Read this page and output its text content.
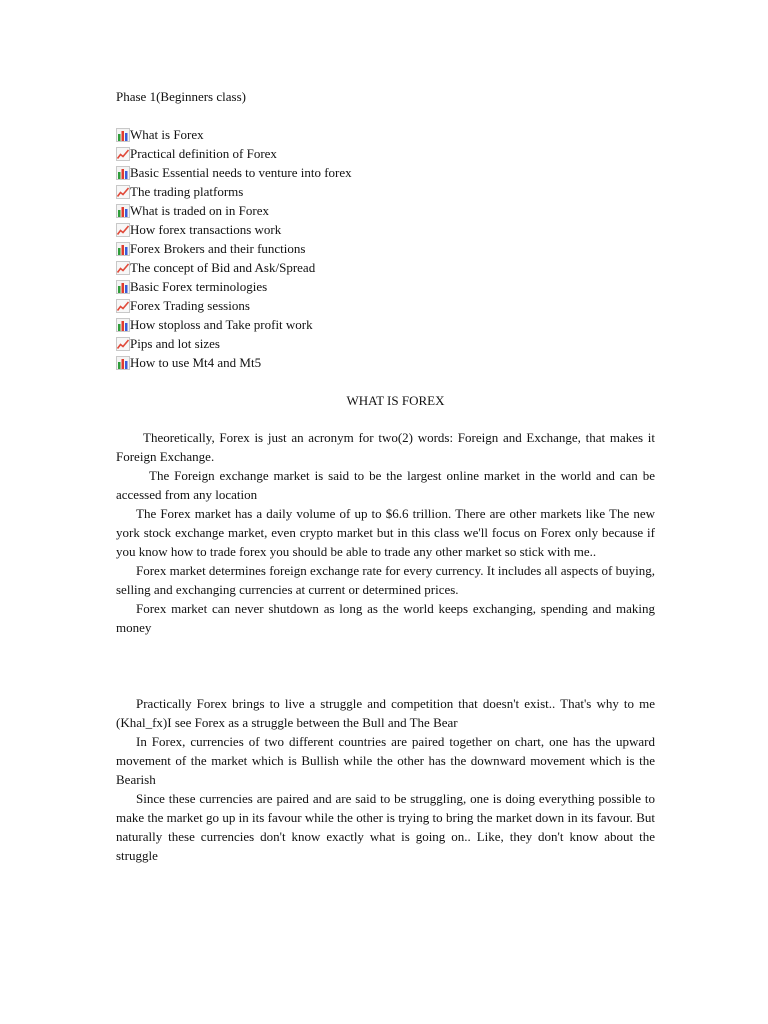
Phase 1(Beginners class)
What is Forex
Practical definition of Forex
Basic Essential needs to venture into forex
The trading platforms
What is traded on in Forex
How forex transactions work
Forex Brokers and their functions
The concept of Bid and Ask/Spread
Basic Forex terminologies
Forex Trading sessions
How stoploss and Take profit work
Pips and lot sizes
How to use Mt4 and Mt5
WHAT IS FOREX

Theoretically, Forex is just an acronym for two(2) words: Foreign and Exchange, that makes it Foreign Exchange.

The Foreign exchange market is said to be the largest online market in the world and can be accessed from any location

The Forex market has a daily volume of up to $6.6 trillion. There are other markets like The new york stock exchange market, even crypto market but in this class we'll focus on Forex only because if you know how to trade forex you should be able to trade any other market so stick with me..

Forex market determines foreign exchange rate for every currency. It includes all aspects of buying, selling and exchanging currencies at current or determined prices.

Forex market can never shutdown as long as the world keeps exchanging, spending and making money

Practically Forex brings to live a struggle and competition that doesn't exist.. That's why to me (Khal_fx)I see Forex as a struggle between the Bull and The Bear

In Forex, currencies of two different countries are paired together on chart, one has the upward movement of the market which is Bullish while the other has the downward movement which is the Bearish

Since these currencies are paired and are said to be struggling, one is doing everything possible to make the market go up in its favour while the other is trying to bring the market down in its favour. But naturally these currencies don't know exactly what is going on.. Like, they don't know about the struggle
